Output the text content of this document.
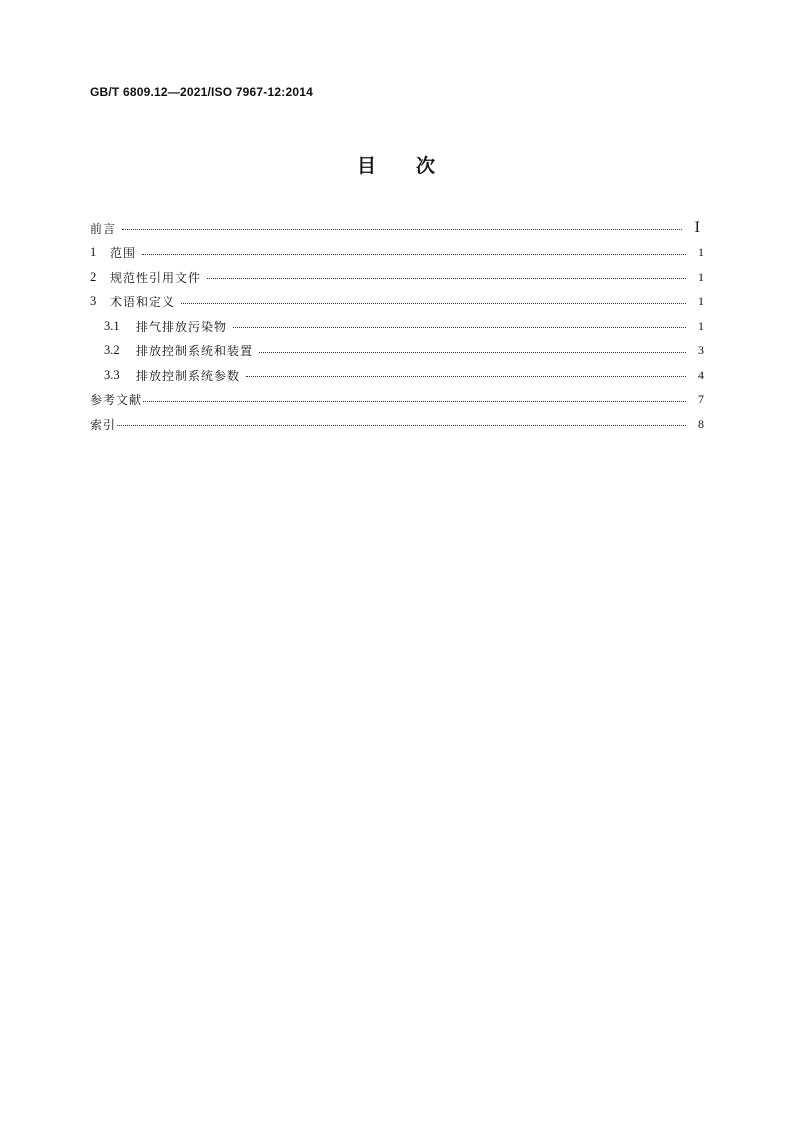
GB/T 6809.12—2021/ISO 7967-12:2014
目 次
前言	Ⅰ
1	范围	1
2	规范性引用文件	1
3	术语和定义	1
3.1	排气排放污染物	1
3.2	排放控制系统和装置	3
3.3	排放控制系统参数	4
参考文献	7
索引	8
